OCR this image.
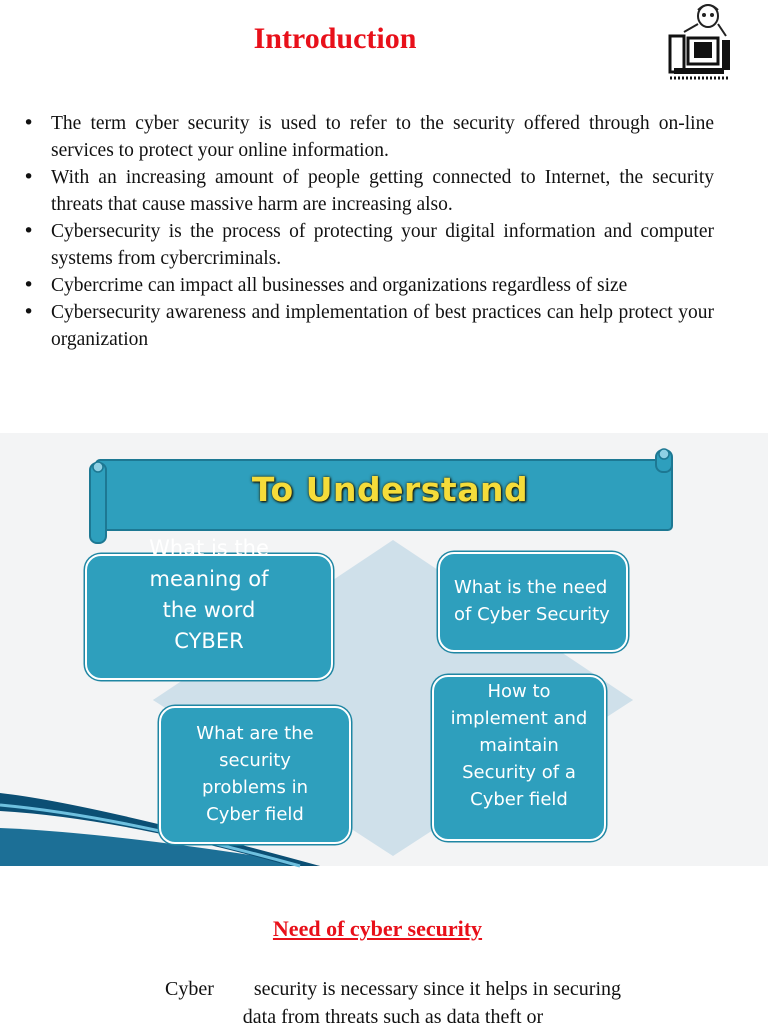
Introduction
• The term cyber security is used to refer to the security offered through on-line services to protect your online information.
• With an increasing amount of people getting connected to Internet, the security threats that cause massive harm are increasing also.
• Cybersecurity is the process of protecting your digital information and computer systems from cybercriminals.
• Cybercrime can impact all businesses and organizations regardless of size
• Cybersecurity awareness and implementation of best practices can help protect your organization
To Understand
What is the meaning of the word CYBER
What is the need of Cyber Security
What are the security problems in Cyber field
How to implement and maintain Security of a Cyber field
Need of cyber security
Cyber        security is necessary since it helps in securing data from threats such as data theft or
